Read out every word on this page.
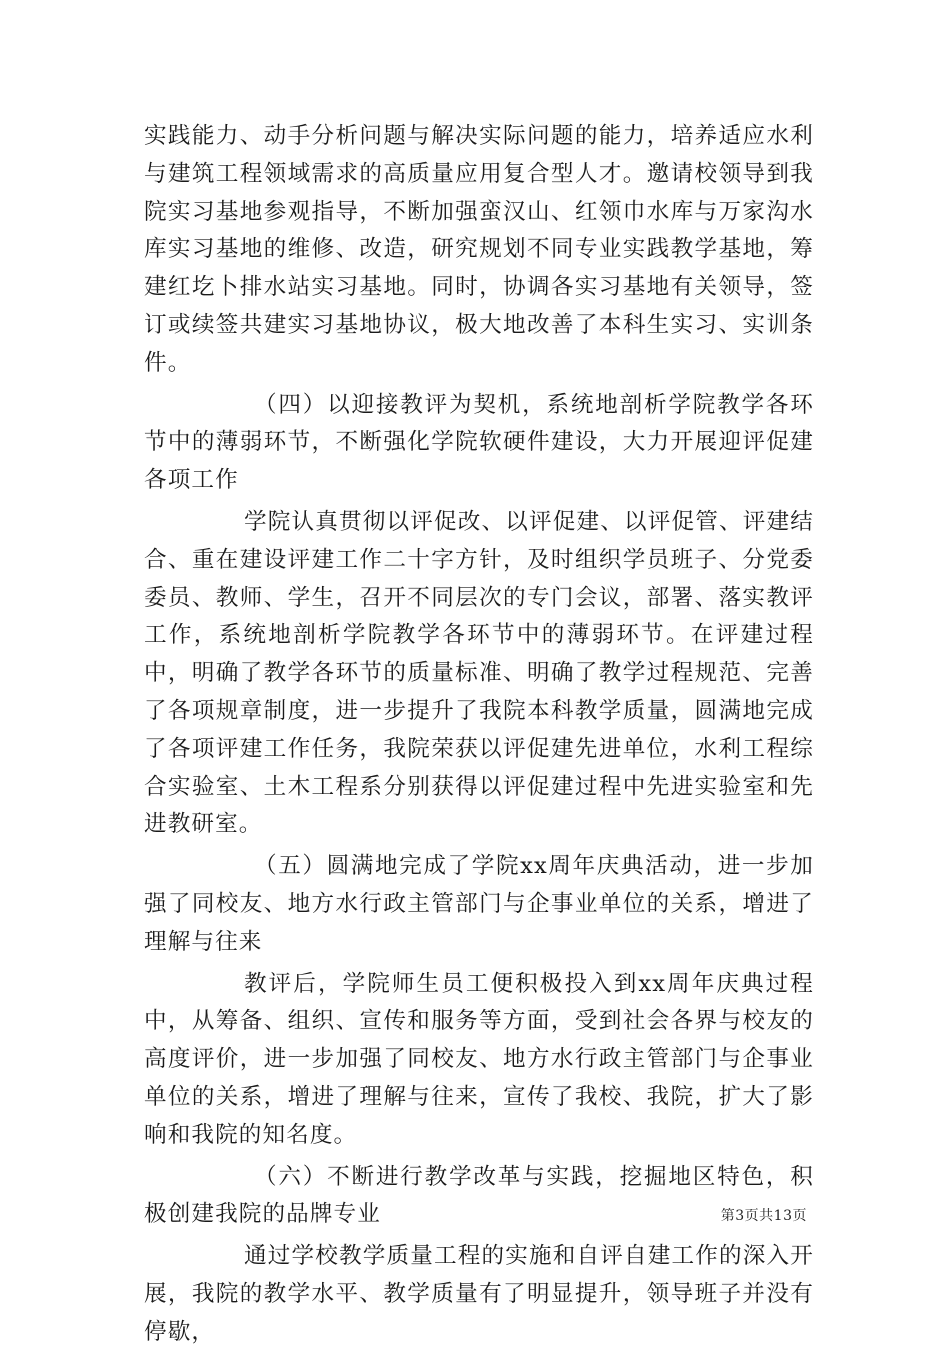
实践能力、动手分析问题与解决实际问题的能力，培养适应水利与建筑工程领域需求的高质量应用复合型人才。邀请校领导到我院实习基地参观指导，不断加强蛮汉山、红领巾水库与万家沟水库实习基地的维修、改造，研究规划不同专业实践教学基地，筹建红圪卜排水站实习基地。同时，协调各实习基地有关领导，签订或续签共建实习基地协议，极大地改善了本科生实习、实训条件。

（四）以迎接教评为契机，系统地剖析学院教学各环节中的薄弱环节，不断强化学院软硬件建设，大力开展迎评促建各项工作

学院认真贯彻以评促改、以评促建、以评促管、评建结合、重在建设评建工作二十字方针，及时组织学员班子、分党委委员、教师、学生，召开不同层次的专门会议，部署、落实教评工作，系统地剖析学院教学各环节中的薄弱环节。在评建过程中，明确了教学各环节的质量标准、明确了教学过程规范、完善了各项规章制度，进一步提升了我院本科教学质量，圆满地完成了各项评建工作任务，我院荣获以评促建先进单位，水利工程综合实验室、土木工程系分别获得以评促建过程中先进实验室和先进教研室。

（五）圆满地完成了学院xx周年庆典活动，进一步加强了同校友、地方水行政主管部门与企事业单位的关系，增进了理解与往来

教评后，学院师生员工便积极投入到xx周年庆典过程中，从筹备、组织、宣传和服务等方面，受到社会各界与校友的高度评价，进一步加强了同校友、地方水行政主管部门与企事业单位的关系，增进了理解与往来，宣传了我校、我院，扩大了影响和我院的知名度。

（六）不断进行教学改革与实践，挖掘地区特色，积极创建我院的品牌专业

通过学校教学质量工程的实施和自评自建工作的深入开展，我院的教学水平、教学质量有了明显提升，领导班子并没有停歇，

第3页共13页
